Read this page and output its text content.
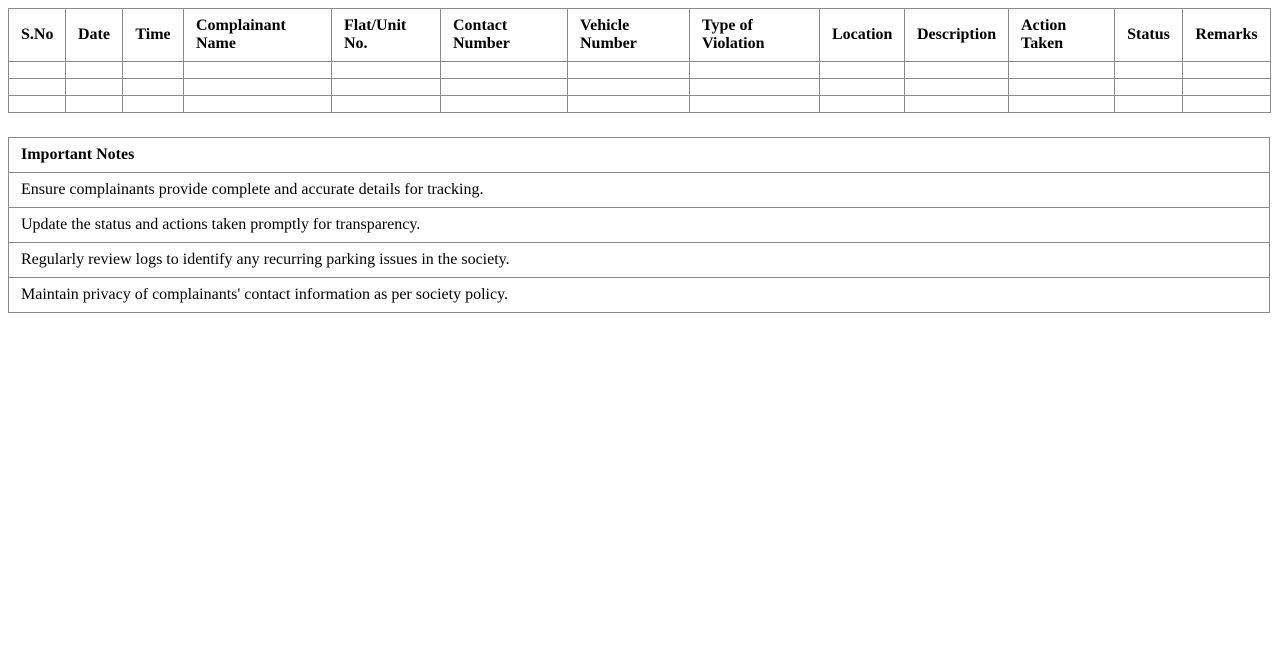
S.No	Date	Time	Complainant Name	Flat/Unit No.	Contact Number	Vehicle Number	Type of Violation	Location	Description	Action Taken	Status	Remarks

Important Notes
Ensure complainants provide complete and accurate details for tracking.
Update the status and actions taken promptly for transparency.
Regularly review logs to identify any recurring parking issues in the society.
Maintain privacy of complainants' contact information as per society policy.
